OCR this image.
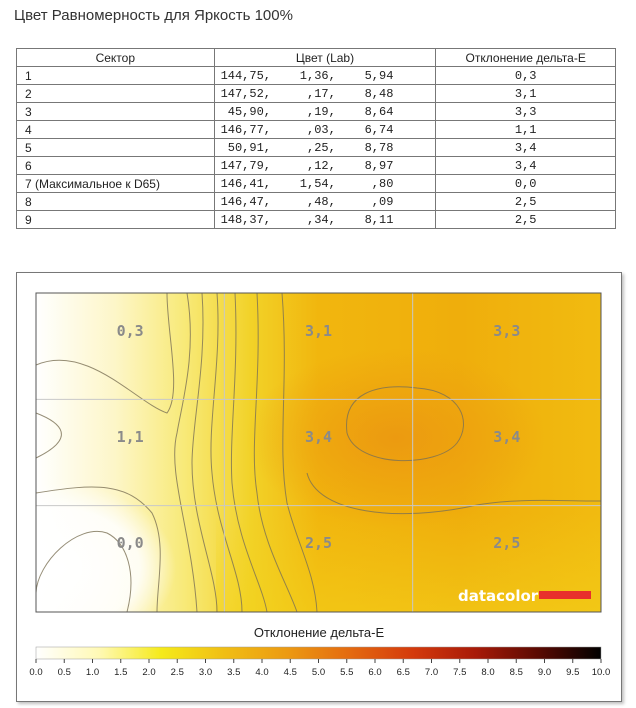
Цвет Равномерность для Яркость 100%
Сектор	Цвет (Lab)	Отклонение дельта-E
1	144,75,    1,36,    5,94	0,3
2	147,52,     ,17,    8,48	3,1
3	45,90,     ,19,    8,64	3,3
4	146,77,     ,03,    6,74	1,1
5	50,91,     ,25,    8,78	3,4
6	147,79,     ,12,    8,97	3,4
7 (Максимальное к D65)	146,41,    1,54,     ,80	0,0
8	146,47,     ,48,     ,09	2,5
9	148,37,     ,34,    8,11	2,5
0,3	3,1	3,3
1,1	3,4	3,4
0,0	2,5	2,5
datacolor
0.0 0.5 1.0 1.5 2.0 2.5 3.0 3.5 4.0 4.5 5.0 5.5 6.0 6.5 7.0 7.5 8.0 8.5 9.0 9.5 10.0
Отклонение дельта-E
